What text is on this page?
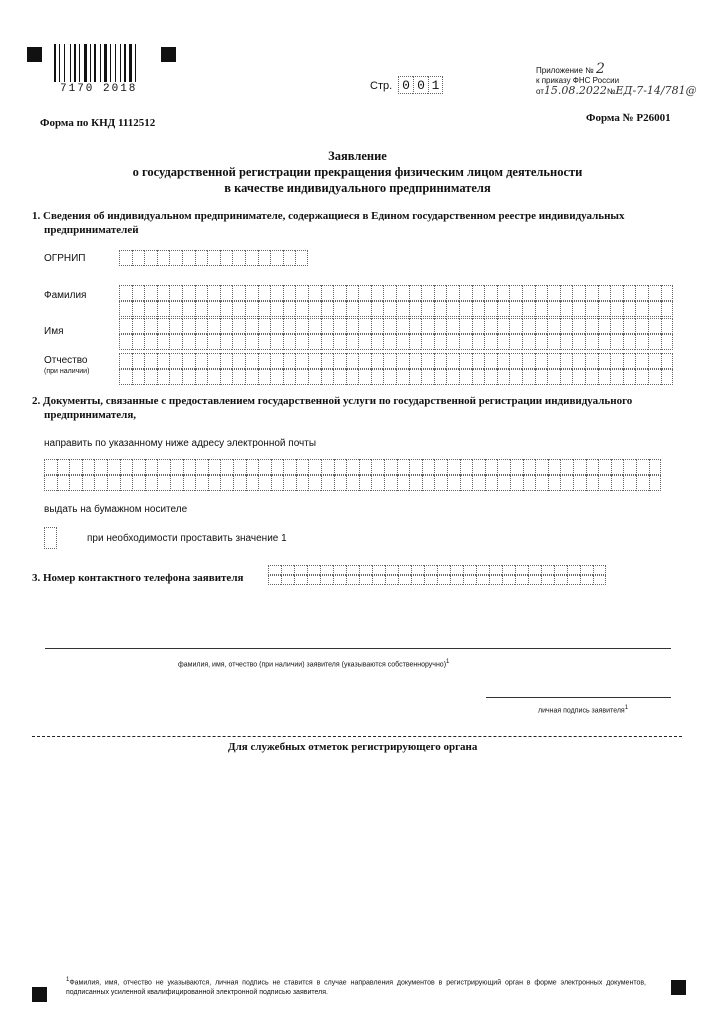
7170 2018	Стр. 0 0 1
Приложение № 2
к приказу ФНС России
от15.08.2022№ЕД-7-14/781@
Форма по КНД 1112512	Форма № Р26001
Заявление
о государственной регистрации прекращения физическим лицом деятельности
в качестве индивидуального предпринимателя
1. Сведения об индивидуальном предпринимателе, содержащиеся в Едином государственном реестре индивидуальных
предпринимателей
ОГРНИП
Фамилия
Имя
Отчество
(при наличии)
2. Документы, связанные с предоставлением государственной услуги по государственной регистрации индивидуального
предпринимателя,
направить по указанному ниже адресу электронной почты
выдать на бумажном носителе
при необходимости проставить значение 1
3. Номер контактного телефона заявителя
фамилия, имя, отчество (при наличии) заявителя (указываются собственноручно)$^1$
личная подпись заявителя$^1$
Для служебных отметок регистрирующего органа
$^1$Фамилия, имя, отчество не указываются, личная подпись не ставится в случае направления документов в регистрирующий орган в форме электронных документов, подписанных усиленной квалифицированной электронной подписью заявителя.
